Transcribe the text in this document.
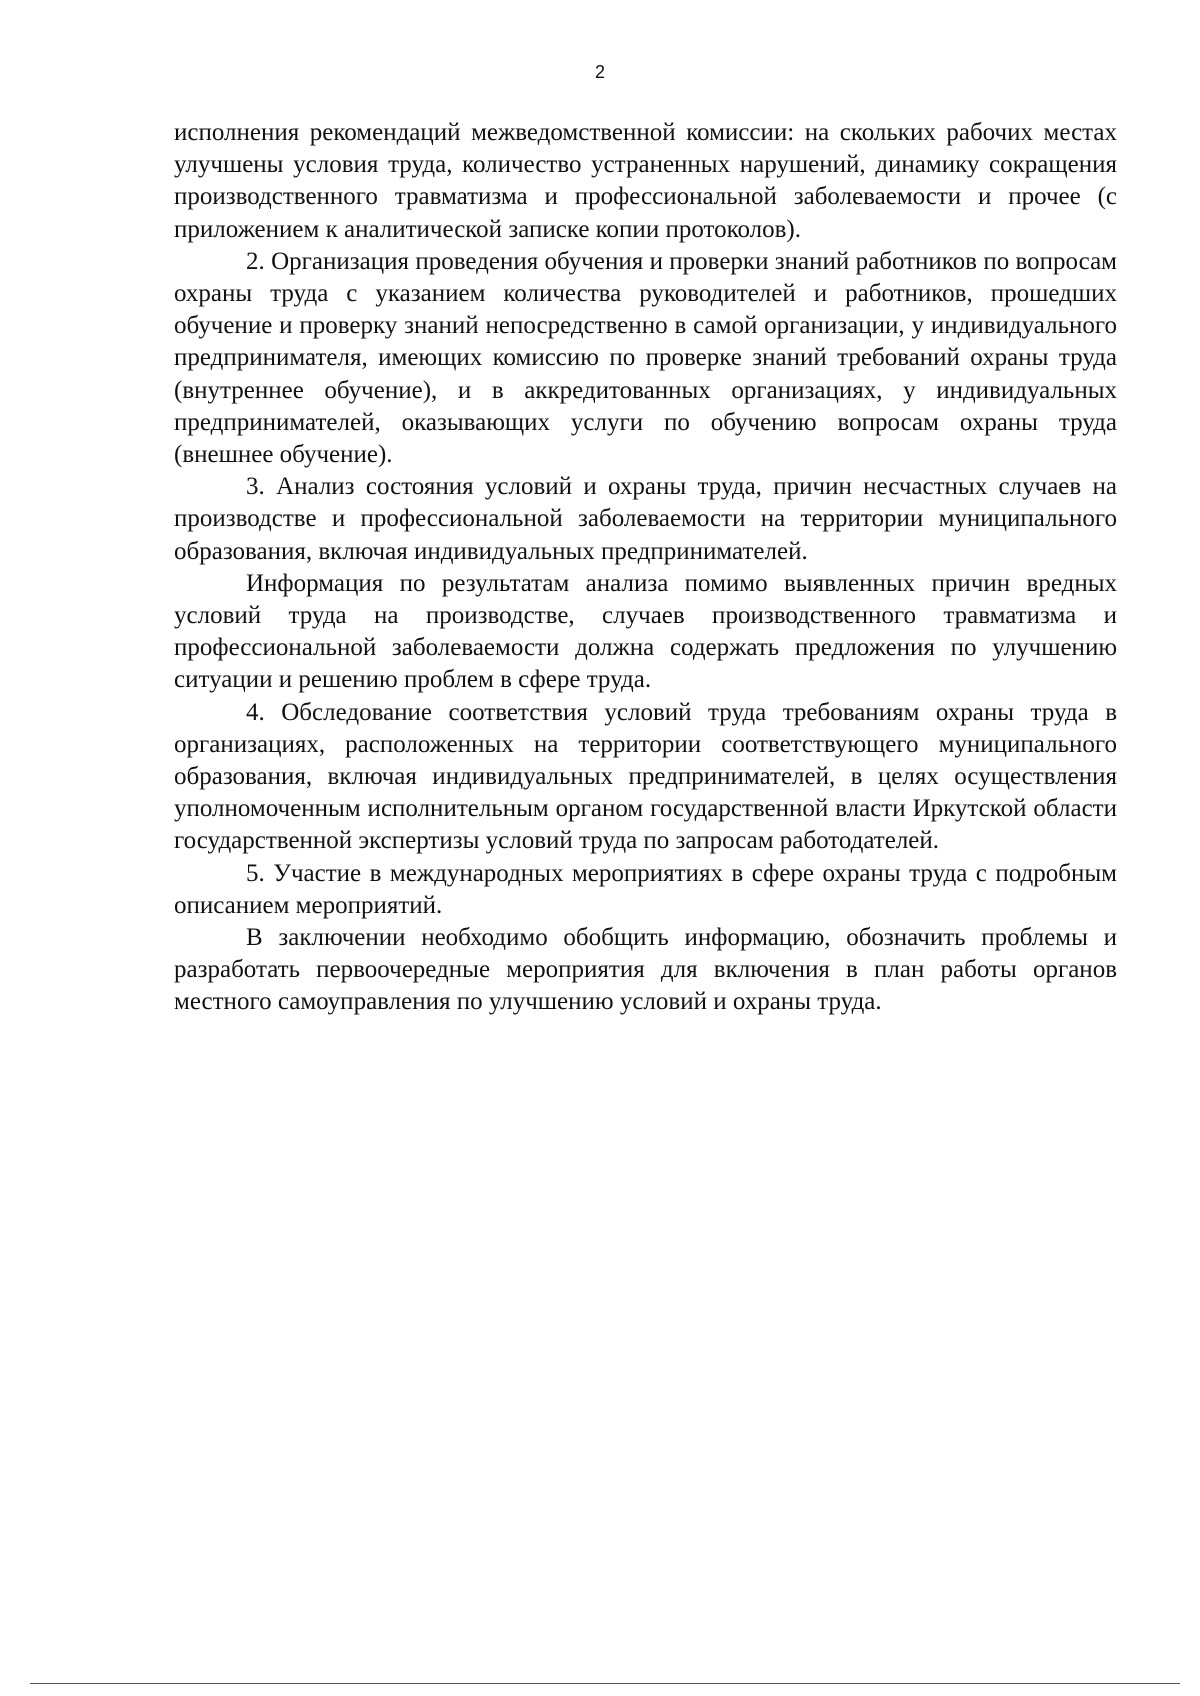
2

исполнения рекомендаций межведомственной комиссии: на скольких рабочих местах улучшены условия труда, количество устраненных нарушений, динамику сокращения производственного травматизма и профессиональной заболеваемости и прочее (с приложением к аналитической записке копии протоколов).

2. Организация проведения обучения и проверки знаний работников по вопросам охраны труда с указанием количества руководителей и работников, прошедших обучение и проверку знаний непосредственно в самой организации, у индивидуального предпринимателя, имеющих комиссию по проверке знаний требований охраны труда (внутреннее обучение), и в аккредитованных организациях, у индивидуальных предпринимателей, оказывающих услуги по обучению вопросам охраны труда (внешнее обучение).

3. Анализ состояния условий и охраны труда, причин несчастных случаев на производстве и профессиональной заболеваемости на территории муниципального образования, включая индивидуальных предпринимателей.

Информация по результатам анализа помимо выявленных причин вредных условий труда на производстве, случаев производственного травматизма и профессиональной заболеваемости должна содержать предложения по улучшению ситуации и решению проблем в сфере труда.

4. Обследование соответствия условий труда требованиям охраны труда в организациях, расположенных на территории соответствующего муниципального образования, включая индивидуальных предпринимателей, в целях осуществления уполномоченным исполнительным органом государственной власти Иркутской области государственной экспертизы условий труда по запросам работодателей.

5. Участие в международных мероприятиях в сфере охраны труда с подробным описанием мероприятий.

В заключении необходимо обобщить информацию, обозначить проблемы и разработать первоочередные мероприятия для включения в план работы органов местного самоуправления по улучшению условий и охраны труда.
